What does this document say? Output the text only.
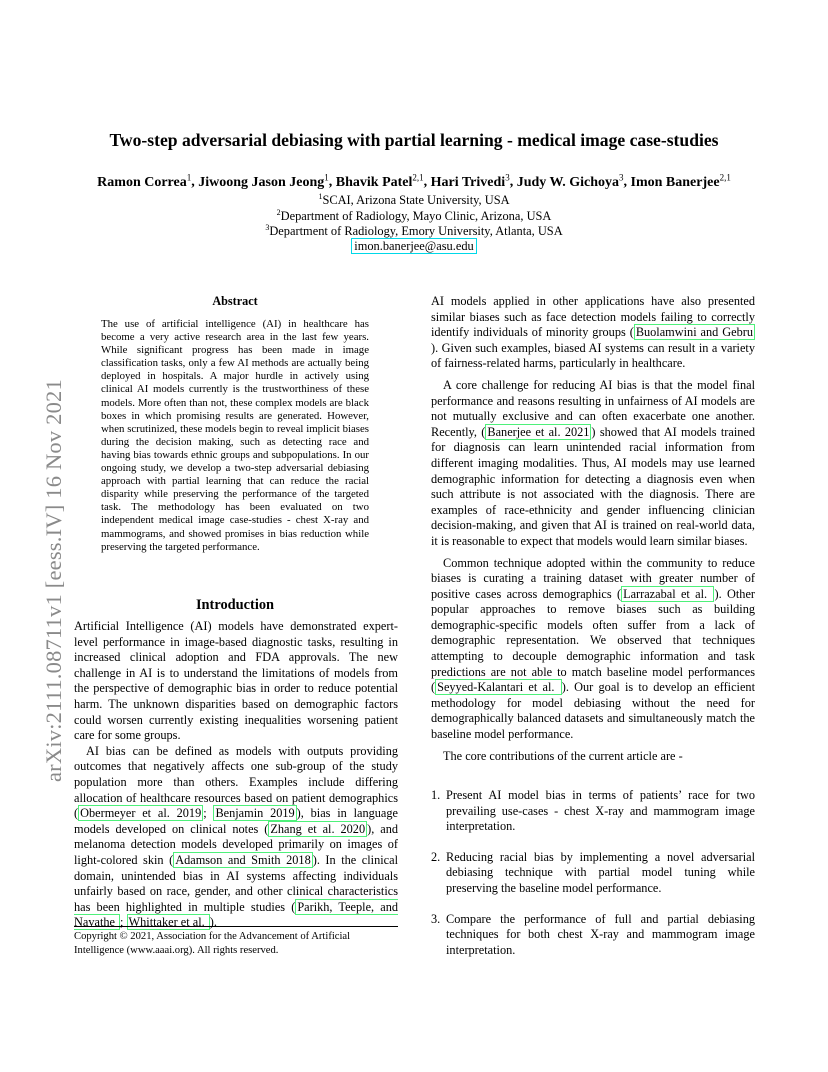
arXiv:2111.08711v1 [eess.IV] 16 Nov 2021
Two-step adversarial debiasing with partial learning - medical image case-studies
Ramon Correa$^1$, Jiwoong Jason Jeong$^1$, Bhavik Patel$^{2,1}$, Hari Trivedi$^3$, Judy W. Gichoya$^3$, Imon Banerjee$^{2,1}$
$^1$SCAI, Arizona State University, USA
$^2$Department of Radiology, Mayo Clinic, Arizona, USA
$^3$Department of Radiology, Emory University, Atlanta, USA
imon.banerjee@asu.edu
Abstract

The use of artificial intelligence (AI) in healthcare has become a very active research area in the last few years. While significant progress has been made in image classification tasks, only a few AI methods are actually being deployed in hospitals. A major hurdle in actively using clinical AI models currently is the trustworthiness of these models. More often than not, these complex models are black boxes in which promising results are generated. However, when scrutinized, these models begin to reveal implicit biases during the decision making, such as detecting race and having bias towards ethnic groups and subpopulations. In our ongoing study, we develop a two-step adversarial debiasing approach with partial learning that can reduce the racial disparity while preserving the performance of the targeted task. The methodology has been evaluated on two independent medical image case-studies - chest X-ray and mammograms, and showed promises in bias reduction while preserving the targeted performance.

Introduction

Artificial Intelligence (AI) models have demonstrated expert-level performance in image-based diagnostic tasks, resulting in increased clinical adoption and FDA approvals. The new challenge in AI is to understand the limitations of models from the perspective of demographic bias in order to reduce potential harm. The unknown disparities based on demographic factors could worsen currently existing inequalities worsening patient care for some groups.

AI bias can be defined as models with outputs providing outcomes that negatively affects one sub-group of the study population more than others. Examples include differing allocation of healthcare resources based on patient demographics ( Obermeyer et al. 2019 ; Benjamin 2019 ), bias in language models developed on clinical notes ( Zhang et al. 2020 ), and melanoma detection models developed primarily on images of light-colored skin ( Adamson and Smith 2018 ). In the clinical domain, unintended bias in AI systems affecting individuals unfairly based on race, gender, and other clinical characteristics has been highlighted in multiple studies ( Parikh, Teeple, and Navathe ; Whittaker et al. ).

Copyright © 2021, Association for the Advancement of Artificial Intelligence (www.aaai.org). All rights reserved.

AI models applied in other applications have also presented similar biases such as face detection models failing to correctly identify individuals of minority groups ( Buolamwini and Gebru ). Given such examples, biased AI systems can result in a variety of fairness-related harms, particularly in healthcare.

A core challenge for reducing AI bias is that the model final performance and reasons resulting in unfairness of AI models are not mutually exclusive and can often exacerbate one another. Recently, ( Banerjee et al. 2021 ) showed that AI models trained for diagnosis can learn unintended racial information from different imaging modalities. Thus, AI models may use learned demographic information for detecting a diagnosis even when such attribute is not associated with the diagnosis. There are examples of race-ethnicity and gender influencing clinician decision-making, and given that AI is trained on real-world data, it is reasonable to expect that models would learn similar biases.

Common technique adopted within the community to reduce biases is curating a training dataset with greater number of positive cases across demographics ( Larrazabal et al. ). Other popular approaches to remove biases such as building demographic-specific models often suffer from a lack of demographic representation. We observed that techniques attempting to decouple demographic information and task predictions are not able to match baseline model performances ( Seyyed-Kalantari et al. ). Our goal is to develop an efficient methodology for model debiasing without the need for demographically balanced datasets and simultaneously match the baseline model performance.

The core contributions of the current article are -

1. Present AI model bias in terms of patients’ race for two prevailing use-cases - chest X-ray and mammogram image interpretation.
2. Reducing racial bias by implementing a novel adversarial debiasing technique with partial model tuning while preserving the baseline model performance.
3. Compare the performance of full and partial debiasing techniques for both chest X-ray and mammogram image interpretation.
